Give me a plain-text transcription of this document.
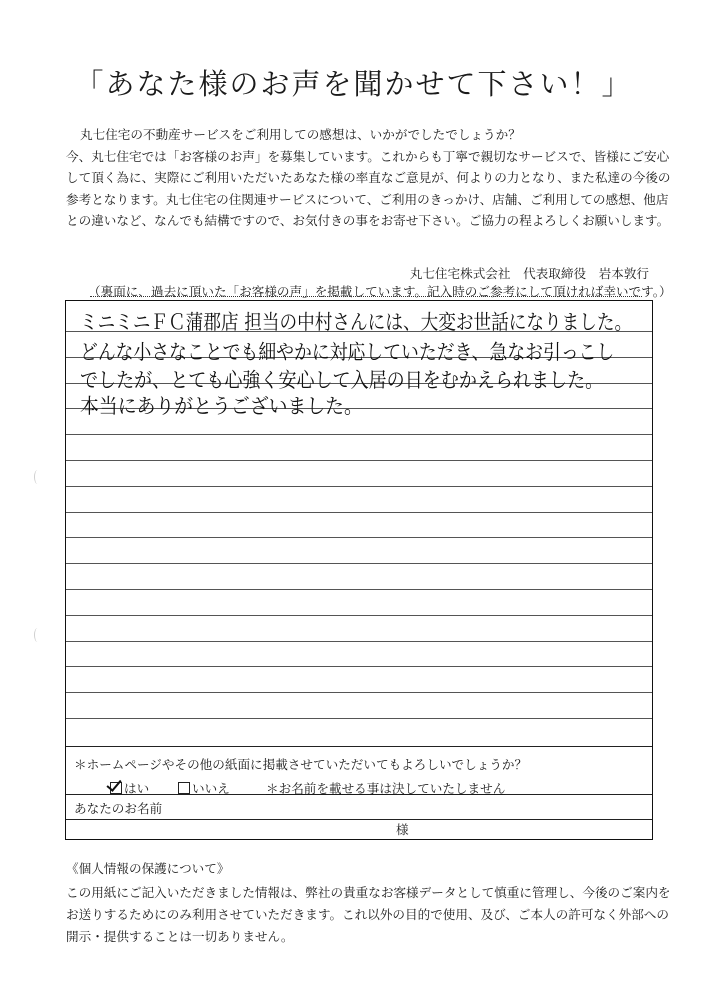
「あなた様のお声を聞かせて下さい！」
丸七住宅の不動産サービスをご利用しての感想は、いかがでしたでしょうか？
今、丸七住宅では「お客様のお声」を募集しています。これからも丁寧で親切なサービスで、皆様にご安心
して頂く為に、実際にご利用いただいたあなた様の率直なご意見が、何よりの力となり、また私達の今後の
参考となります。丸七住宅の住関連サービスについて、ご利用のきっかけ、店舗、ご利用しての感想、他店
との違いなど、なんでも結構ですので、お気付きの事をお寄せ下さい。ご協力の程よろしくお願いします。
丸七住宅株式会社　代表取締役　岩本敦行
（裏面に、過去に頂いた「お客様の声」を掲載しています。記入時のご参考にして頂ければ幸いです。）
ミニミニＦＣ蒲郡店 担当の中村さんには、大変お世話になりました。
どんな小さなことでも細やかに対応していただき、急なお引っこし
でしたが、とても心強く安心して入居の日をむかえられました。
本当にありがとうございました。
＊ホームページやその他の紙面に掲載させていただいてもよろしいでしょうか？
はい	いいえ	＊お名前を載せる事は決していたしません
あなたのお名前
様
《個人情報の保護について》
この用紙にご記入いただきました情報は、弊社の貴重なお客様データとして慎重に管理し、今後のご案内を
お送りするためにのみ利用させていただきます。これ以外の目的で使用、及び、ご本人の許可なく外部への
開示・提供することは一切ありません。
